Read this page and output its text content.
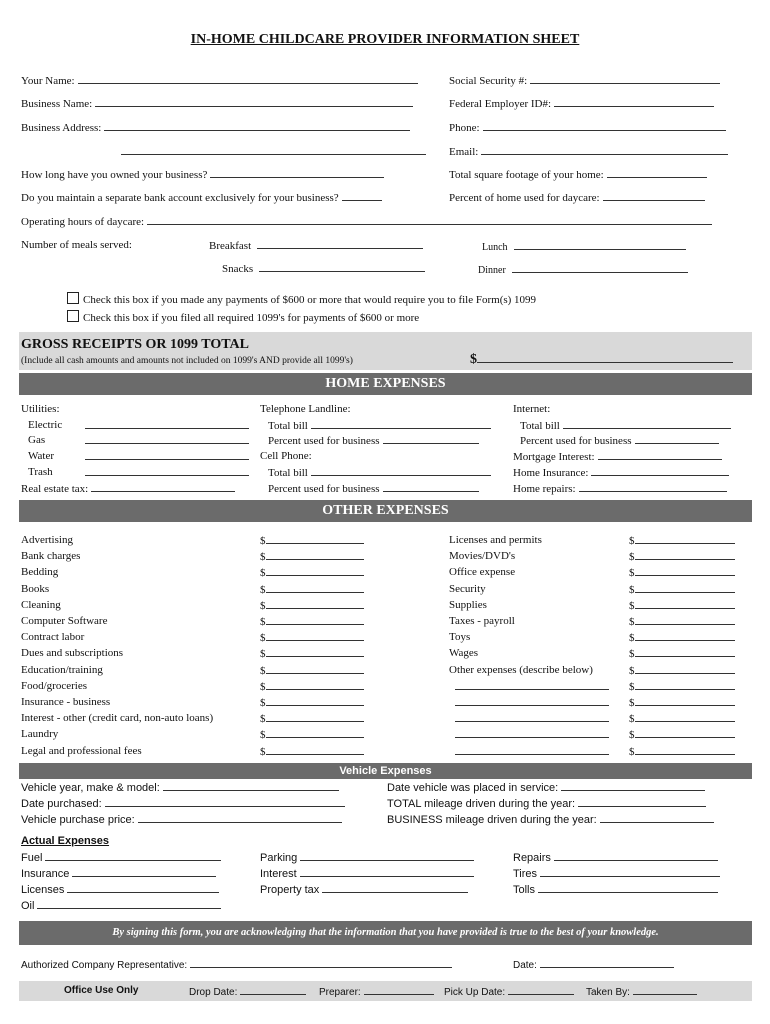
IN-HOME CHILDCARE PROVIDER INFORMATION SHEET
Your Name:
Business Name:
Business Address:
How long have you owned your business?
Do you maintain a separate bank account exclusively for your business?
Operating hours of daycare:
Number of meals served:	Breakfast
Snacks
Lunch
Dinner
Social Security #:
Federal Employer ID#:
Phone:
Email:
Total square footage of your home:
Percent of home used for daycare:
Check this box if you made any payments of $600 or more that would require you to file Form(s) 1099
Check this box if you filed all required 1099's for payments of $600 or more
GROSS RECEIPTS OR 1099 TOTAL
(Include all cash amounts and amounts not included on 1099's AND provide all 1099's)	$
HOME EXPENSES
Utilities:
Electric
Gas
Water
Trash
Real estate tax:
Telephone Landline:
Total bill
Percent used for business
Cell Phone:
Total bill
Percent used for business
Internet:
Total bill
Percent used for business
Mortgage Interest:
Home Insurance:
Home repairs:
OTHER EXPENSES
Advertising	$	Licenses and permits	$
Bank charges	$	Movies/DVD's	$
Bedding	$	Office expense	$
Books	$	Security	$
Cleaning	$	Supplies	$
Computer Software	$	Taxes - payroll	$
Contract labor	$	Toys	$
Dues and subscriptions	$	Wages	$
Education/training	$	Other expenses (describe below)	$
Food/groceries	$	$
Insurance - business	$	$
Interest - other (credit card, non-auto loans)	$	$
Laundry	$	$
Legal and professional fees	$	$
Vehicle Expenses
Vehicle year, make & model:
Date purchased:
Vehicle purchase price:
Date vehicle was placed in service:
TOTAL mileage driven during the year:
BUSINESS mileage driven during the year:
Actual Expenses
Fuel
Insurance
Licenses
Oil
Parking
Interest
Property tax
Repairs
Tires
Tolls
By signing this form, you are acknowledging that the information that you have provided is true to the best of your knowledge.
Authorized Company Representative:	Date:
Office Use Only	Drop Date:	Preparer:	Pick Up Date:	Taken By:
